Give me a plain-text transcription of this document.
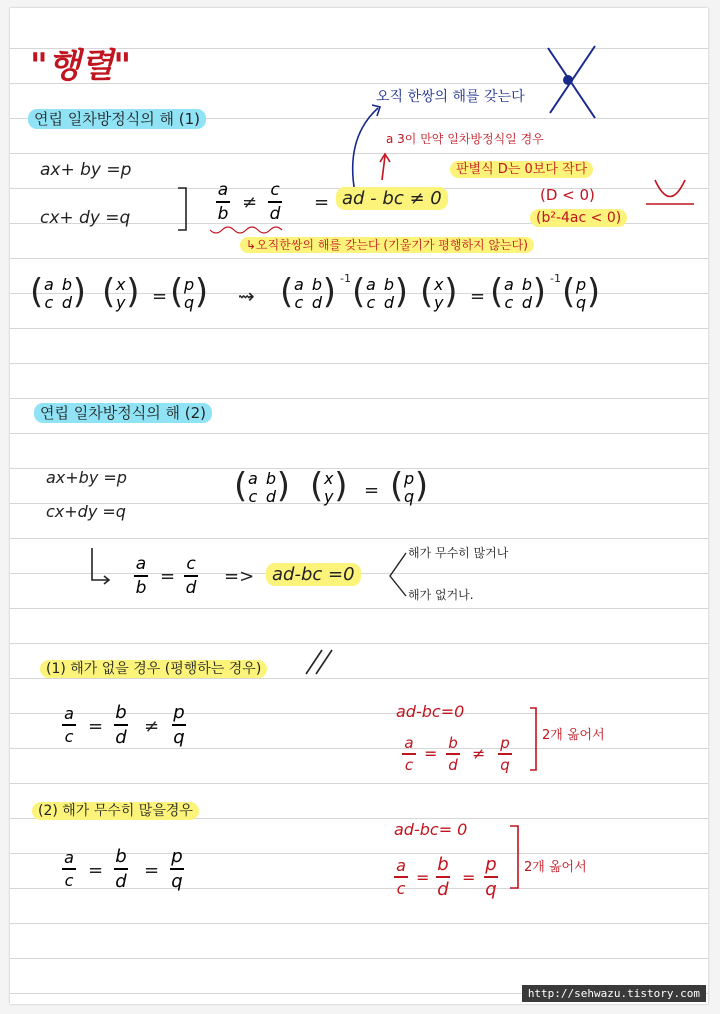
"행렬"
연립 일차방정식의 해 (1)
오직 한쌍의 해를 갖는다
a 3이 만약 일차방정식일 경우
판별식 D는 0보다 작다
(D < 0)
(b²-4ac < 0)
ax+ by =p
cx+ dy =q
a
b
≠
c
d
= ad - bc ≠ 0
↳오직한쌍의 해를 갖는다 (기울기가 평행하지 않는다)
( a	b
c	d ) ( x
y ) = ( p
q ) ⇝ ( a	b
c	d ) -1 ( a	b
c	d ) ( x
y ) = ( a	b
c	d ) -1 ( p
q )
연립 일차방정식의 해 (2)
ax+by =p
cx+dy =q
( a	b
c	d ) ( x
y ) = ( p
q )
a
b
=
c
d
=> ad-bc =0
해가 무수히 많거나
해가 없거나.
(1) 해가 없을 경우 (평행하는 경우)
a
c =
b
d ≠
p
q
ad-bc=0
a
c
=
b
d
≠
p
q
2개 옮어서
(2) 해가 무수히 많을경우
a
c =
b
d =
p
q
ad-bc= 0
a
c
=
b
d
=
p
q
2개 옮어서
http://sehwazu.tistory.com
